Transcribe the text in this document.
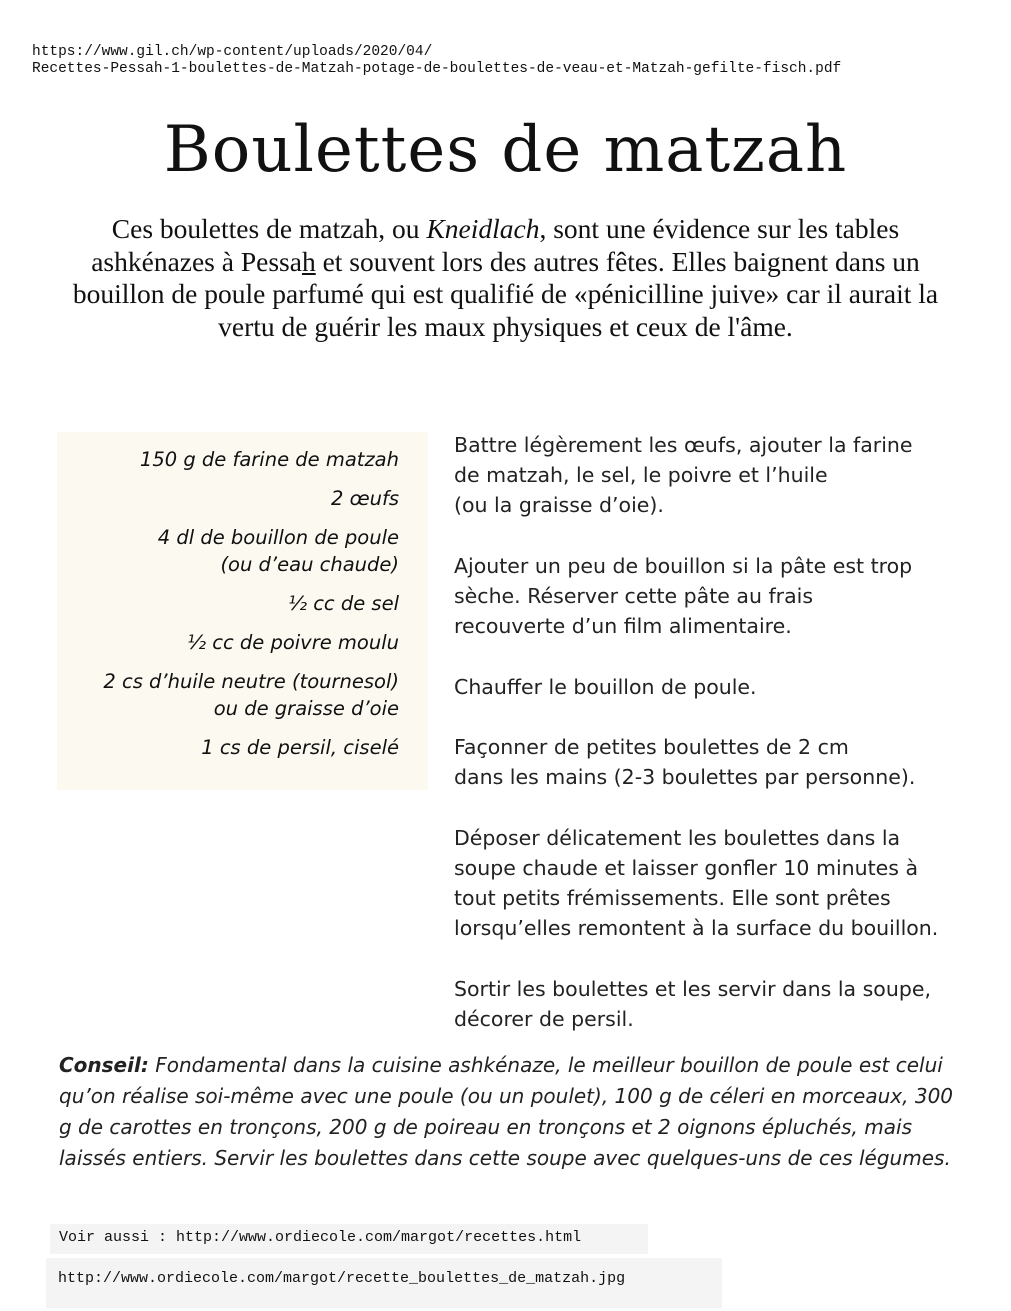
https://www.gil.ch/wp-content/uploads/2020/04/
Recettes-Pessah-1-boulettes-de-Matzah-potage-de-boulettes-de-veau-et-Matzah-gefilte-fisch.pdf
Boulettes de matzah

Ces boulettes de matzah, ou Kneidlach, sont une évidence sur les tables ashkénazes à Pessah et souvent lors des autres fêtes. Elles baignent dans un bouillon de poule parfumé qui est qualifié de «pénicilline juive» car il aurait la vertu de guérir les maux physiques et ceux de l'âme.

150 g de farine de matzah
2 œufs
4 dl de bouillon de poule
(ou d’eau chaude)
½ cc de sel
½ cc de poivre moulu
2 cs d’huile neutre (tournesol)
ou de graisse d’oie
1 cs de persil, ciselé
Battre légèrement les œufs, ajouter la farine
de matzah, le sel, le poivre et l’huile
(ou la graisse d’oie).
Ajouter un peu de bouillon si la pâte est trop
sèche. Réserver cette pâte au frais
recouverte d’un film alimentaire.
Chauffer le bouillon de poule.
Façonner de petites boulettes de 2 cm
dans les mains (2-3 boulettes par personne).
Déposer délicatement les boulettes dans la
soupe chaude et laisser gonfler 10 minutes à
tout petits frémissements. Elle sont prêtes
lorsqu’elles remontent à la surface du bouillon.
Sortir les boulettes et les servir dans la soupe,
décorer de persil.

Conseil: Fondamental dans la cuisine ashkénaze, le meilleur bouillon de poule est celui qu’on réalise soi-même avec une poule (ou un poulet), 100 g de céleri en morceaux, 300 g de carottes en tronçons, 200 g de poireau en tronçons et 2 oignons épluchés, mais laissés entiers. Servir les boulettes dans cette soupe avec quelques-uns de ces légumes.

Voir aussi : http://www.ordiecole.com/margot/recettes.html
http://www.ordiecole.com/margot/recette_boulettes_de_matzah.jpg
